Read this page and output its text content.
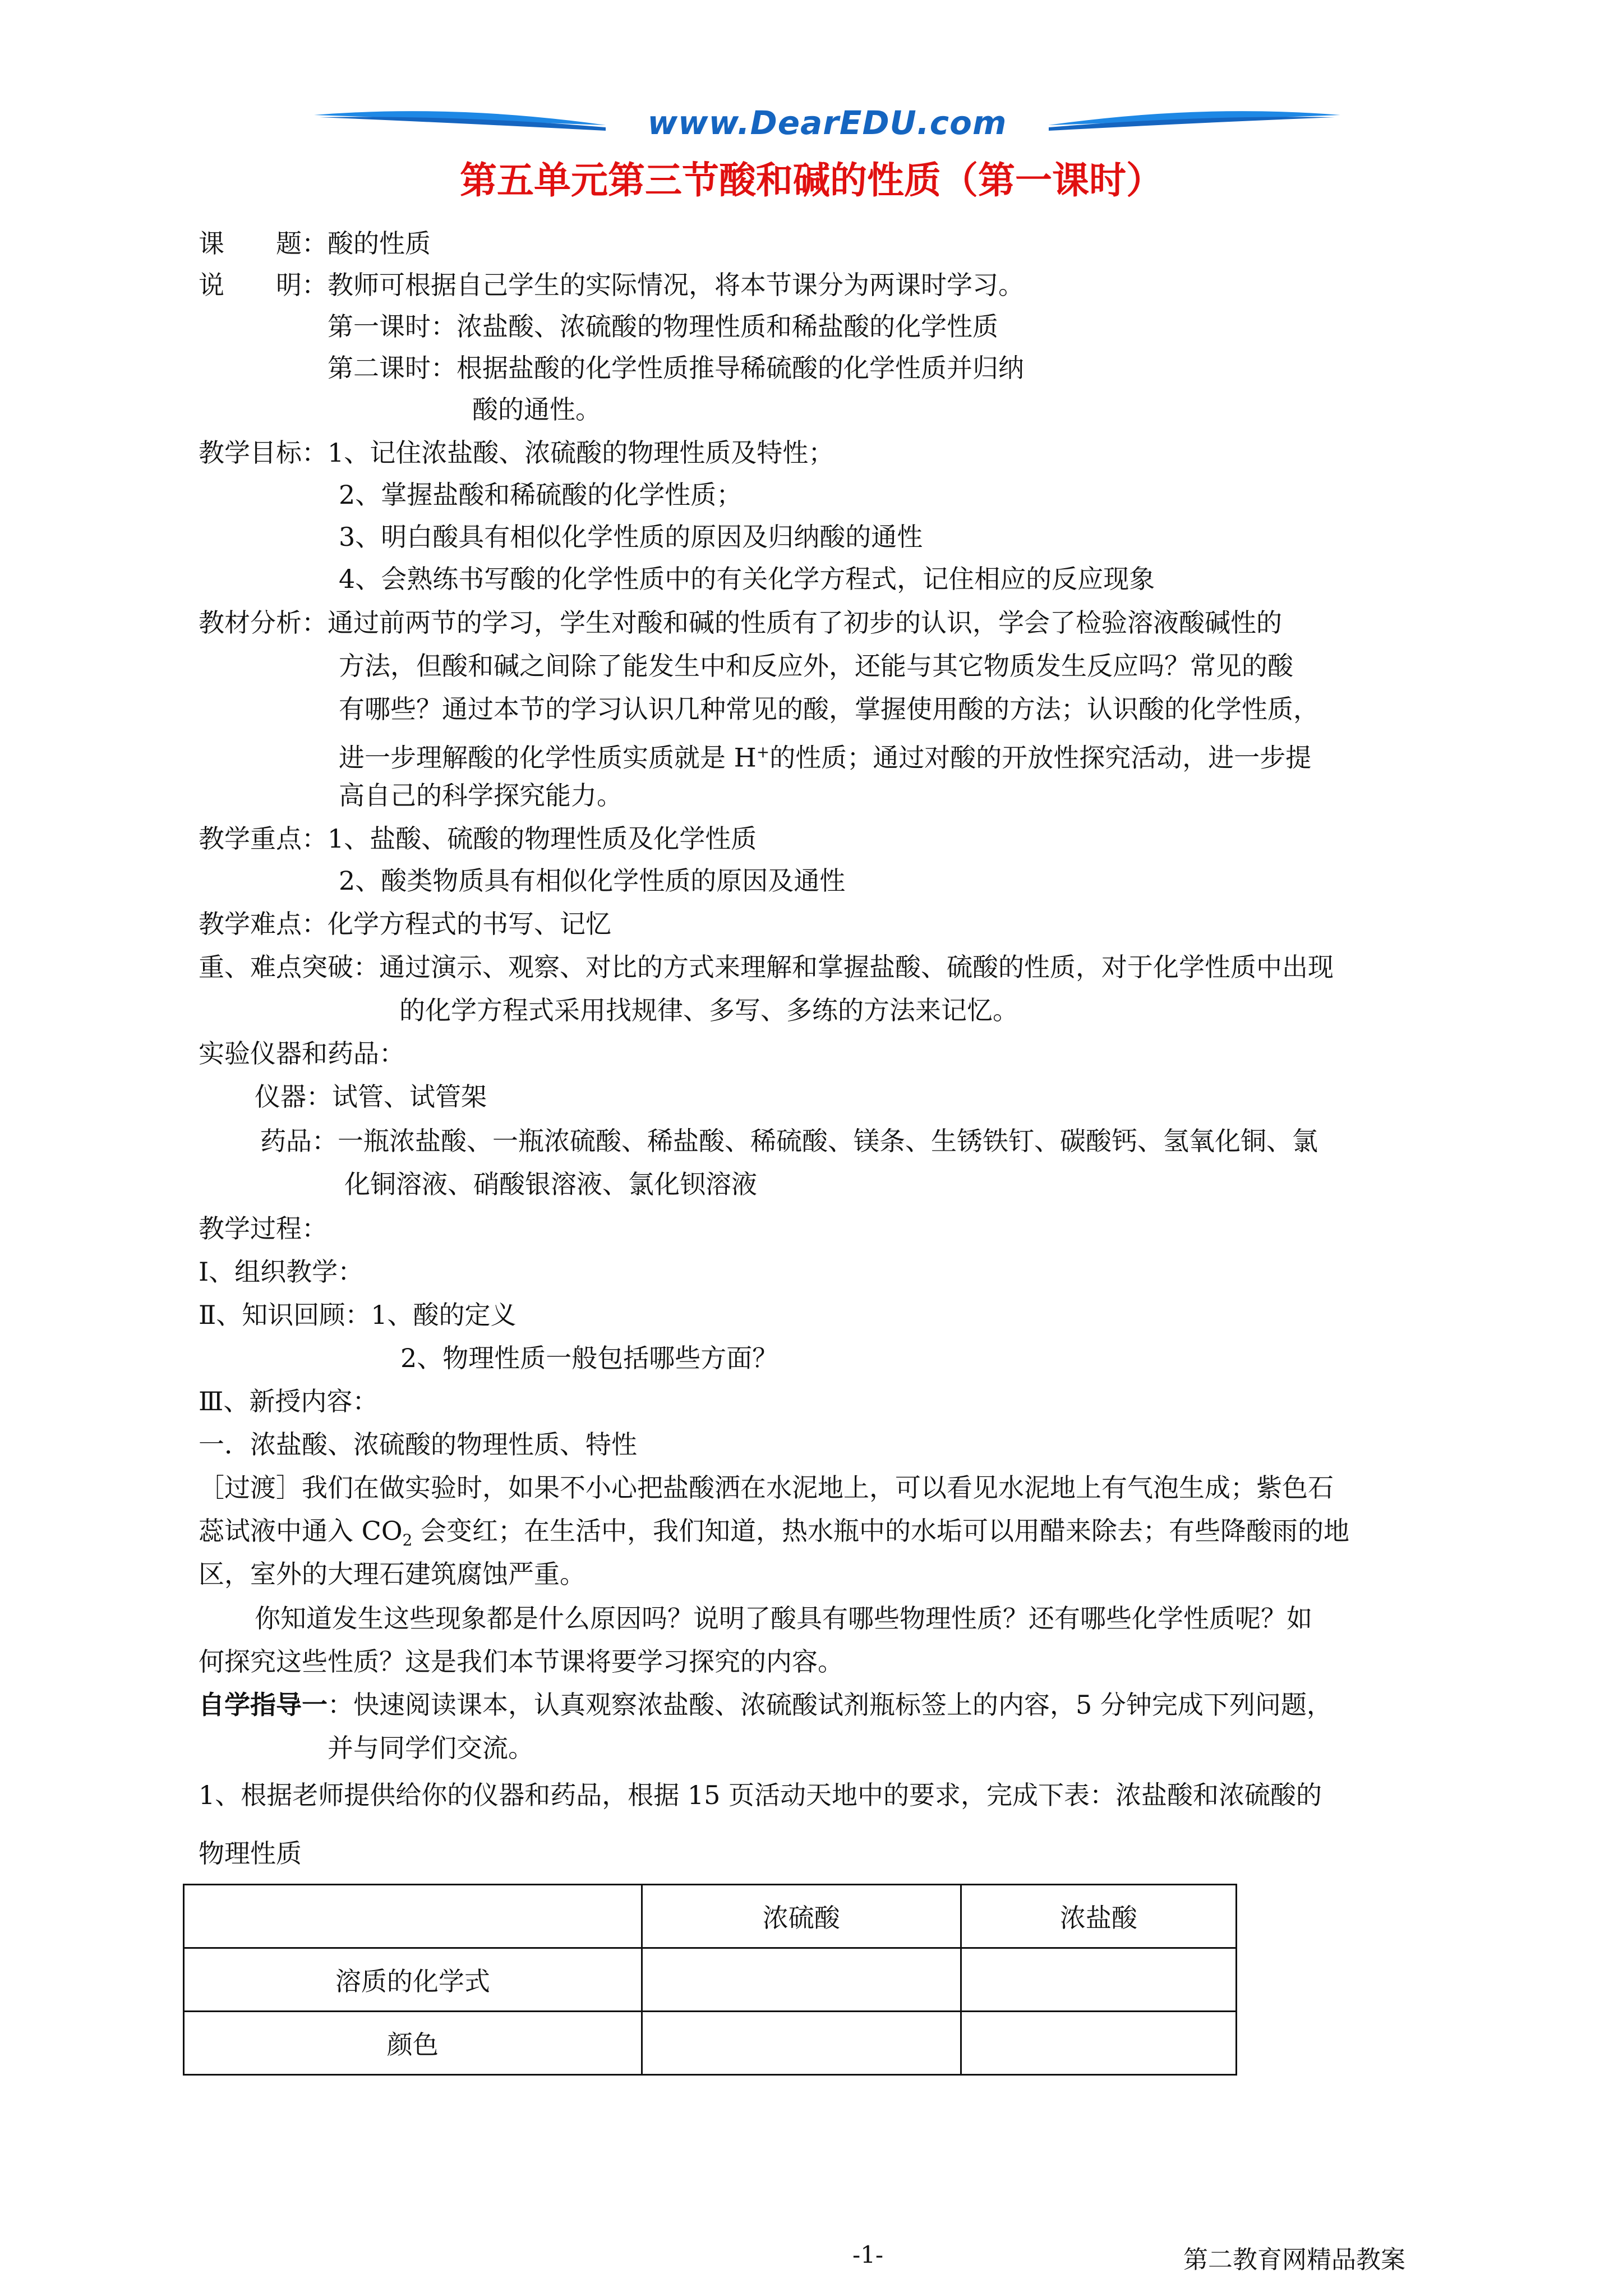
www.DearEDU.com
第五单元第三节酸和碱的性质（第一课时）
课　　题：酸的性质
说　　明：教师可根据自己学生的实际情况，将本节课分为两课时学习。
第一课时：浓盐酸、浓硫酸的物理性质和稀盐酸的化学性质
第二课时：根据盐酸的化学性质推导稀硫酸的化学性质并归纳
酸的通性。
教学目标：1、记住浓盐酸、浓硫酸的物理性质及特性；
2、掌握盐酸和稀硫酸的化学性质；
3、明白酸具有相似化学性质的原因及归纳酸的通性
4、会熟练书写酸的化学性质中的有关化学方程式，记住相应的反应现象
教材分析：通过前两节的学习，学生对酸和碱的性质有了初步的认识，学会了检验溶液酸碱性的
方法，但酸和碱之间除了能发生中和反应外，还能与其它物质发生反应吗？常见的酸
有哪些？通过本节的学习认识几种常见的酸，掌握使用酸的方法；认识酸的化学性质，
进一步理解酸的化学性质实质就是 H+的性质；通过对酸的开放性探究活动，进一步提
高自己的科学探究能力。
教学重点：1、盐酸、硫酸的物理性质及化学性质
2、酸类物质具有相似化学性质的原因及通性
教学难点：化学方程式的书写、记忆
重、难点突破：通过演示、观察、对比的方式来理解和掌握盐酸、硫酸的性质，对于化学性质中出现
的化学方程式采用找规律、多写、多练的方法来记忆。
实验仪器和药品：
仪器：试管、试管架
药品：一瓶浓盐酸、一瓶浓硫酸、稀盐酸、稀硫酸、镁条、生锈铁钉、碳酸钙、氢氧化铜、氯
化铜溶液、硝酸银溶液、氯化钡溶液
教学过程：
Ⅰ、组织教学：
Ⅱ、知识回顾：1、酸的定义
2、物理性质一般包括哪些方面？
Ⅲ、新授内容：
一．浓盐酸、浓硫酸的物理性质、特性
［过渡］我们在做实验时，如果不小心把盐酸洒在水泥地上，可以看见水泥地上有气泡生成；紫色石
蕊试液中通入 $CO_2$ 会变红；在生活中，我们知道，热水瓶中的水垢可以用醋来除去；有些降酸雨的地
区，室外的大理石建筑腐蚀严重。
你知道发生这些现象都是什么原因吗？说明了酸具有哪些物理性质？还有哪些化学性质呢？如
何探究这些性质？这是我们本节课将要学习探究的内容。
自学指导一：快速阅读课本，认真观察浓盐酸、浓硫酸试剂瓶标签上的内容，5 分钟完成下列问题，
并与同学们交流。
1、根据老师提供给你的仪器和药品，根据 15 页活动天地中的要求，完成下表：浓盐酸和浓硫酸的
物理性质
	浓硫酸	浓盐酸
溶质的化学式		
颜色		
-1-	第二教育网精品教案
